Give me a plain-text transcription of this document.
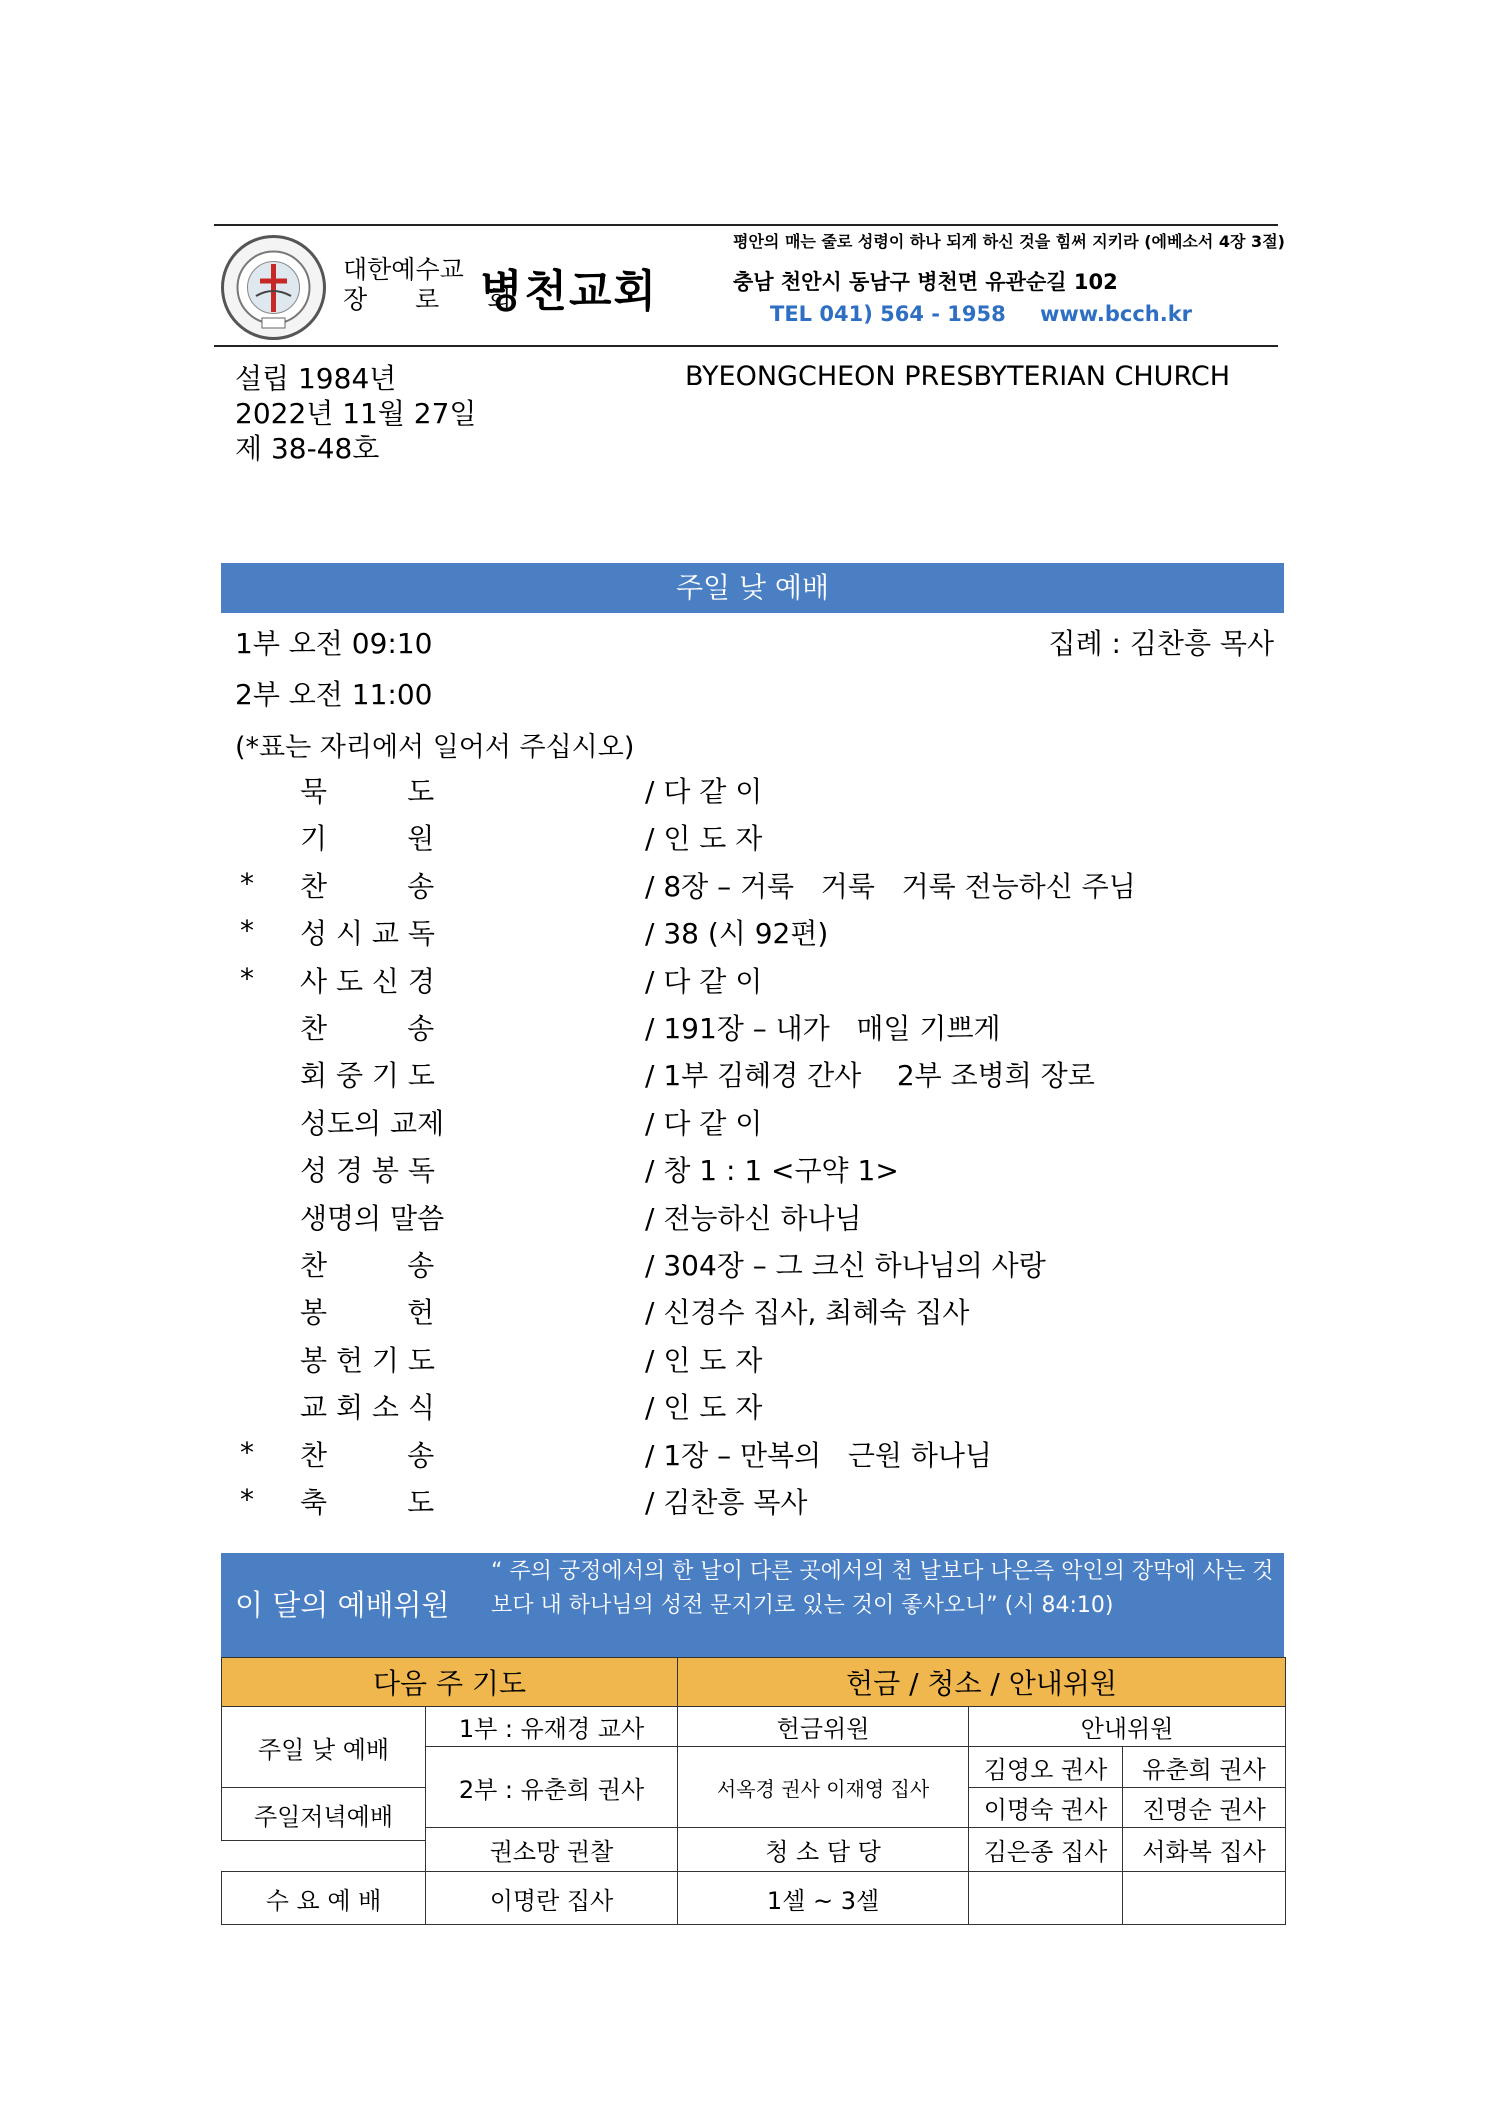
대한예수교
장 로 회
병천교회
평안의 매는 줄로 성령이 하나 되게 하신 것을 힘써 지키라 (에베소서 4장 3절)
충남 천안시 동남구 병천면 유관순길 102
TEL 041) 564 - 1958 www.bcch.kr
설립 1984년
2022년 11월 27일
제 38-48호
BYEONGCHEON PRESBYTERIAN CHURCH
주일 낮 예배
1부 오전 09:10	집례 : 김찬흥 목사
2부 오전 11:00
(*표는 자리에서 일어서 주십시오)
묵         도	/ 다 같 이
기         원	/ 인 도 자
*	찬         송	/ 8장 – 거룩   거룩   거룩 전능하신 주님
*	성 시 교 독	/ 38 (시 92편)
*	사 도 신 경	/ 다 같 이
찬         송	/ 191장 – 내가   매일 기쁘게
회 중 기 도	/ 1부 김혜경 간사    2부 조병희 장로
성도의 교제	/ 다 같 이
성 경 봉 독	/ 창 1 : 1 <구약 1>
생명의 말씀	/ 전능하신 하나님
찬         송	/ 304장 – 그 크신 하나님의 사랑
봉         헌	/ 신경수 집사, 최혜숙 집사
봉 헌 기 도	/ 인 도 자
교 회 소 식	/ 인 도 자
*	찬         송	/ 1장 – 만복의   근원 하나님
*	축         도	/ 김찬흥 목사
이 달의 예배위원
“ 주의 궁정에서의 한 날이 다른 곳에서의 천 날보다 나은즉 악인의 장막에 사는 것보다 내 하나님의 성전 문지기로 있는 것이 좋사오니” (시 84:10)
다음 주 기도		헌금 / 청소 / 안내위원		
주일 낮 예배	1부 : 유재경 교사	헌금위원	안내위원	
	2부 : 유춘희 권사	서옥경 권사 이재영 집사	김영오 권사	유춘희 권사
주일저녁예배			이명숙 권사	진명순 권사
	권소망 권찰	청 소 담 당	김은종 집사	서화복 집사

수 요 예 배	이명란 집사	1셀 ~ 3셀		
